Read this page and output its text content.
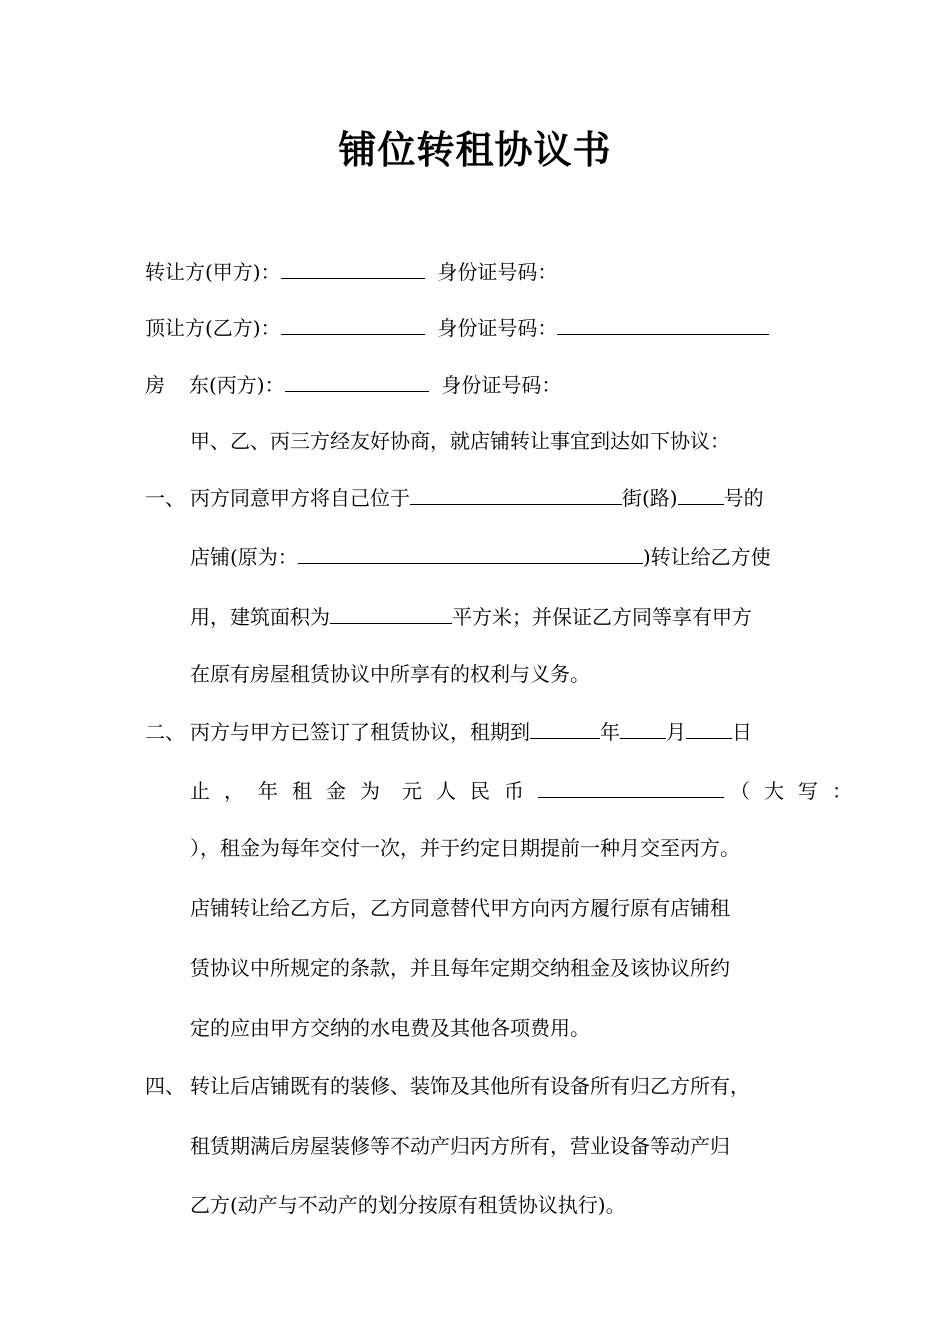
铺位转租协议书
转让方(甲方)：	身份证号码：
顶让方(乙方)：	身份证号码：
房 东(丙方)：	身份证号码：
甲、乙、丙三方经友好协商，就店铺转让事宜到达如下协议：
一、 丙方同意甲方将自己位于	街(路) 号的
店铺(原为：	)转让给乙方使
用，建筑面积为	平方米；并保证乙方同等享有甲方
在原有房屋租赁协议中所享有的权利与义务。
二、 丙方与甲方已签订了租赁协议，租期到	年 月 日
止，年租金为 元人民币	（大写：
），租金为每年交付一次，并于约定日期提前一种月交至丙方。
店铺转让给乙方后，乙方同意替代甲方向丙方履行原有店铺租
赁协议中所规定的条款，并且每年定期交纳租金及该协议所约
定的应由甲方交纳的水电费及其他各项费用。
四、 转让后店铺既有的装修、装饰及其他所有设备所有归乙方所有，
租赁期满后房屋装修等不动产归丙方所有，营业设备等动产归
乙方(动产与不动产的划分按原有租赁协议执行)。
